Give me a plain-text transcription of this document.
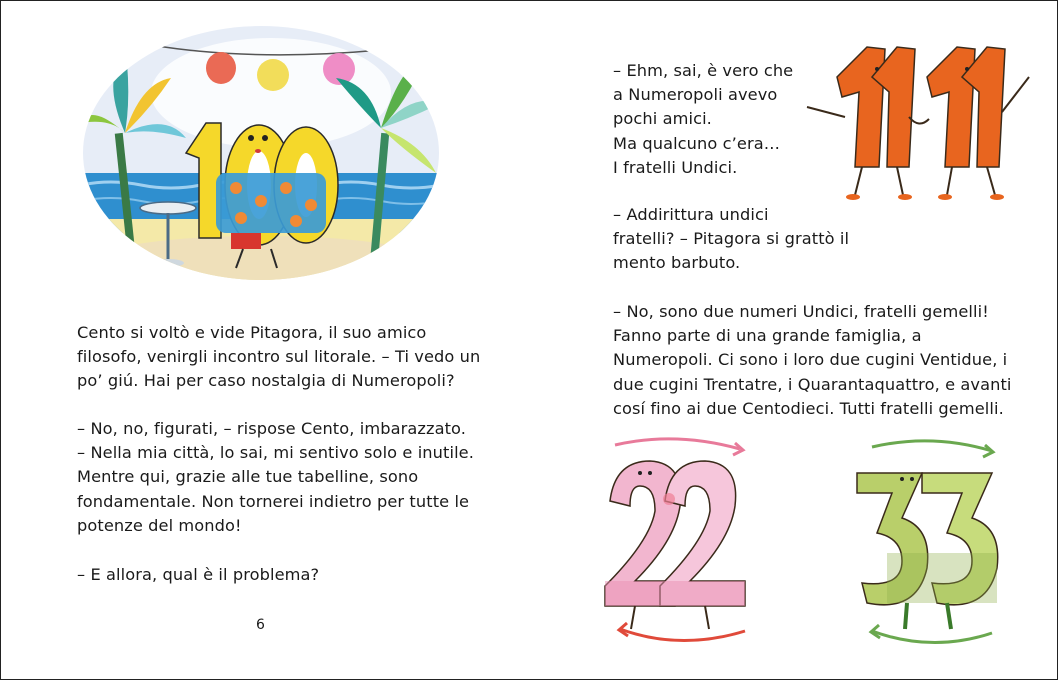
Cento si voltò e vide Pitagora, il suo amico
filosofo, venirgli incontro sul litorale. – Ti vedo un
po’ giú. Hai per caso nostalgia di Numeropoli?
– No, no, figurati, – rispose Cento, imbarazzato.
– Nella mia città, lo sai, mi sentivo solo e inutile.
Mentre qui, grazie alle tue tabelline, sono
fondamentale. Non tornerei indietro per tutte le
potenze del mondo!
– E allora, qual è il problema?
6
– Ehm, sai, è vero che
a Numeropoli avevo
pochi amici.
Ma qualcuno c’era…
I fratelli Undici.
– Addirittura undici
fratelli? – Pitagora si grattò il
mento barbuto.
– No, sono due numeri Undici, fratelli gemelli!
Fanno parte di una grande famiglia, a
Numeropoli. Ci sono i loro due cugini Ventidue, i
due cugini Trentatre, i Quarantaquattro, e avanti
cosí fino ai due Centodieci. Tutti fratelli gemelli.
